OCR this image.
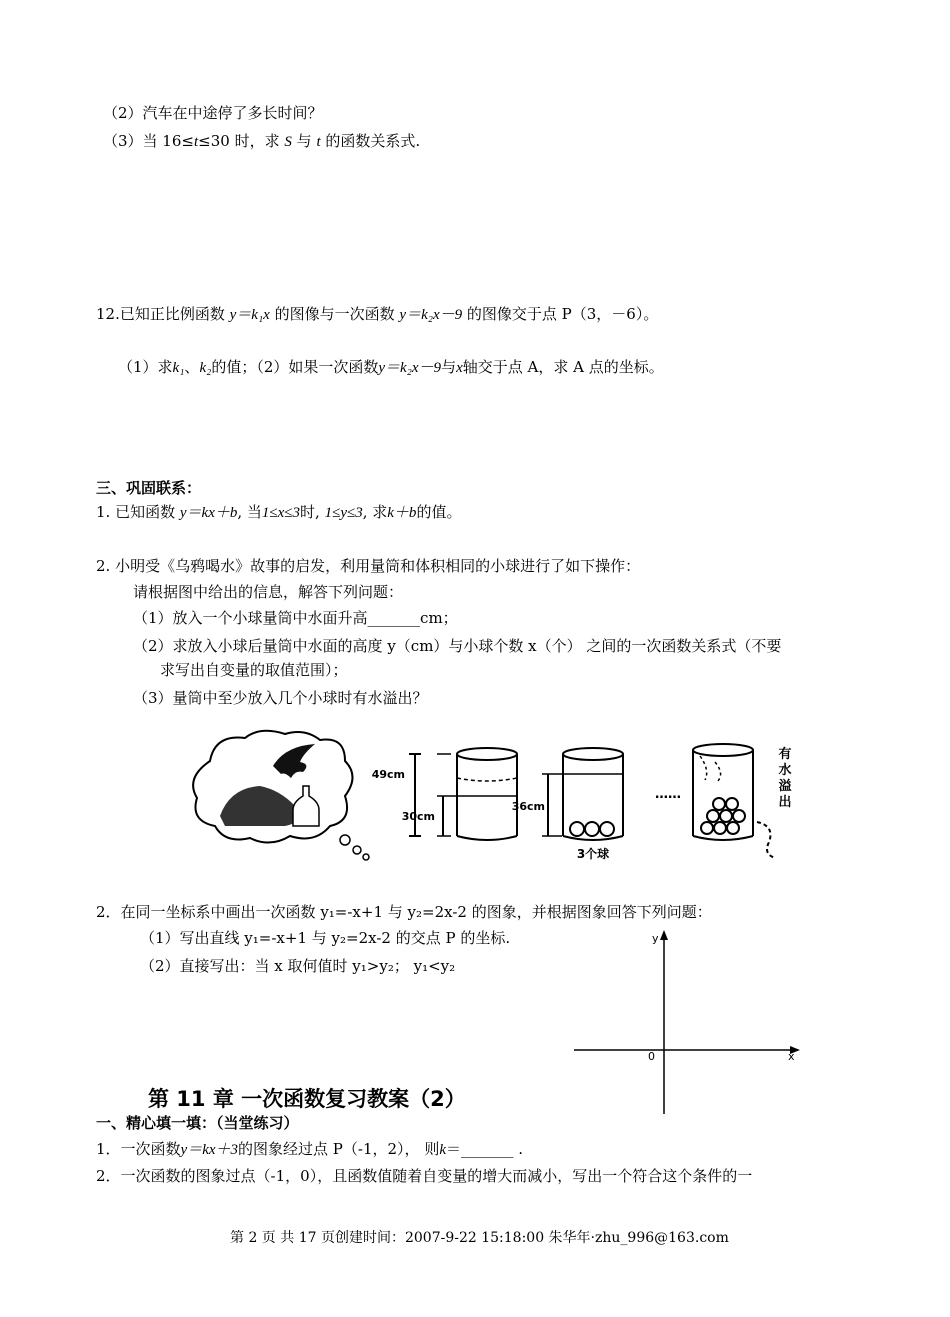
（2）汽车在中途停了多长时间？
（3）当 16≤t≤30 时，求 S 与 t 的函数关系式.
12.已知正比例函数 y＝k₁x 的图像与一次函数 y＝k₂x－9 的图像交于点 P（3，－6）。
（1）求k₁、k₂的值；（2）如果一次函数y＝k₂x－9与x轴交于点 A，求 A 点的坐标。
三、巩固联系：
1. 已知函数 y＝kx＋b, 当1≤x≤3时, 1≤y≤3, 求k＋b的值。
2. 小明受《乌鸦喝水》故事的启发，利用量筒和体积相同的小球进行了如下操作：
请根据图中给出的信息，解答下列问题：
（1）放入一个小球量筒中水面升高_______cm；
（2）求放入小球后量筒中水面的高度 y（cm）与小球个数 x（个） 之间的一次函数关系式（不要
求写出自变量的取值范围）；
（3）量筒中至少放入几个小球时有水溢出？
49cm
30cm
36cm
3个球
……
有
水
溢
出
2．在同一坐标系中画出一次函数 y₁=-x+1 与 y₂=2x-2 的图象，并根据图象回答下列问题：
（1）写出直线 y₁=-x+1 与 y₂=2x-2 的交点 P 的坐标.
（2）直接写出：当 x 取何值时 y₁>y₂； y₁<y₂
y
x
0
第 11 章 一次函数复习教案（2）
一、精心填一填：（当堂练习）
1．一次函数y＝kx＋3的图象经过点 P（-1，2）， 则k＝_______ .
2．一次函数的图象过点（-1，0），且函数值随着自变量的增大而减小，写出一个符合这个条件的一
第 2 页 共 17 页创建时间：2007-9-22 15:18:00 朱华年·zhu_996@163.com
